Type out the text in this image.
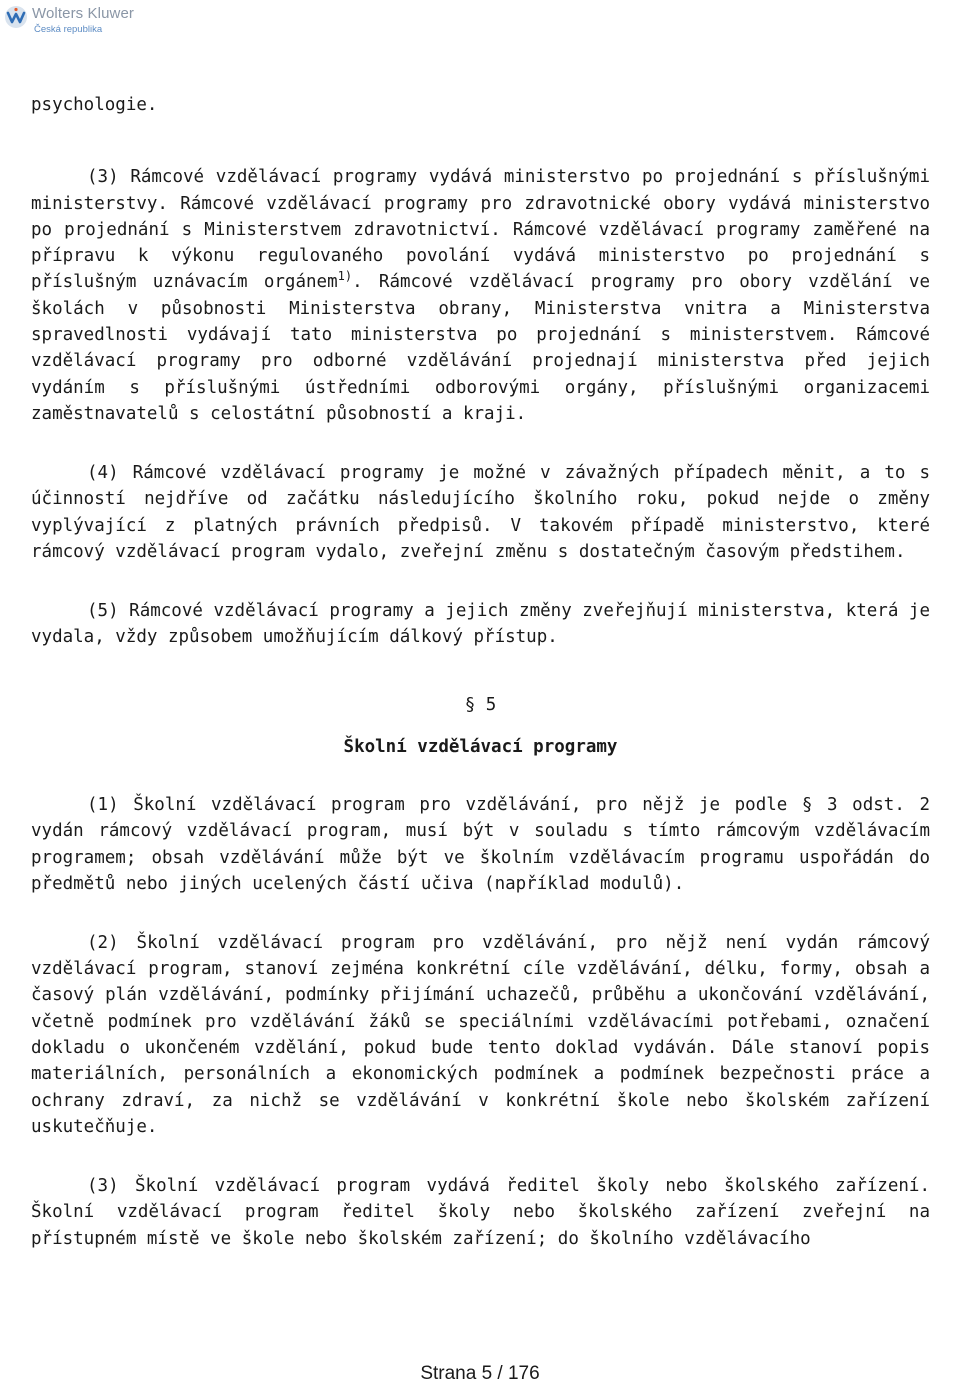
Wolters Kluwer
Česká republika

psychologie.

(3) Rámcové vzdělávací programy vydává ministerstvo po projednání s příslušnými ministerstvy. Rámcové vzdělávací programy pro zdravotnické obory vydává ministerstvo po projednání s Ministerstvem zdravotnictví. Rámcové vzdělávací programy zaměřené na přípravu k výkonu regulovaného povolání vydává ministerstvo po projednání s příslušným uznávacím orgánem$^{1)}$. Rámcové vzdělávací programy pro obory vzdělání ve školách v působnosti Ministerstva obrany, Ministerstva vnitra a Ministerstva spravedlnosti vydávají tato ministerstva po projednání s ministerstvem. Rámcové vzdělávací programy pro odborné vzdělávání projednají ministerstva před jejich vydáním s příslušnými ústředními odborovými orgány, příslušnými organizacemi zaměstnavatelů s celostátní působností a kraji.

(4) Rámcové vzdělávací programy je možné v závažných případech měnit, a to s účinností nejdříve od začátku následujícího školního roku, pokud nejde o změny vyplývající z platných právních předpisů. V takovém případě ministerstvo, které rámcový vzdělávací program vydalo, zveřejní změnu s dostatečným časovým předstihem.

(5) Rámcové vzdělávací programy a jejich změny zveřejňují ministerstva, která je vydala, vždy způsobem umožňujícím dálkový přístup.

§ 5
Školní vzdělávací programy

(1) Školní vzdělávací program pro vzdělávání, pro nějž je podle § 3 odst. 2 vydán rámcový vzdělávací program, musí být v souladu s tímto rámcovým vzdělávacím programem; obsah vzdělávání může být ve školním vzdělávacím programu uspořádán do předmětů nebo jiných ucelených částí učiva (například modulů).

(2) Školní vzdělávací program pro vzdělávání, pro nějž není vydán rámcový vzdělávací program, stanoví zejména konkrétní cíle vzdělávání, délku, formy, obsah a časový plán vzdělávání, podmínky přijímání uchazečů, průběhu a ukončování vzdělávání, včetně podmínek pro vzdělávání žáků se speciálními vzdělávacími potřebami, označení dokladu o ukončeném vzdělání, pokud bude tento doklad vydáván. Dále stanoví popis materiálních, personálních a ekonomických podmínek a podmínek bezpečnosti práce a ochrany zdraví, za nichž se vzdělávání v konkrétní škole nebo školském zařízení uskutečňuje.

(3) Školní vzdělávací program vydává ředitel školy nebo školského zařízení. Školní vzdělávací program ředitel školy nebo školského zařízení zveřejní na přístupném místě ve škole nebo školském zařízení; do školního vzdělávacího

Strana 5 / 176
